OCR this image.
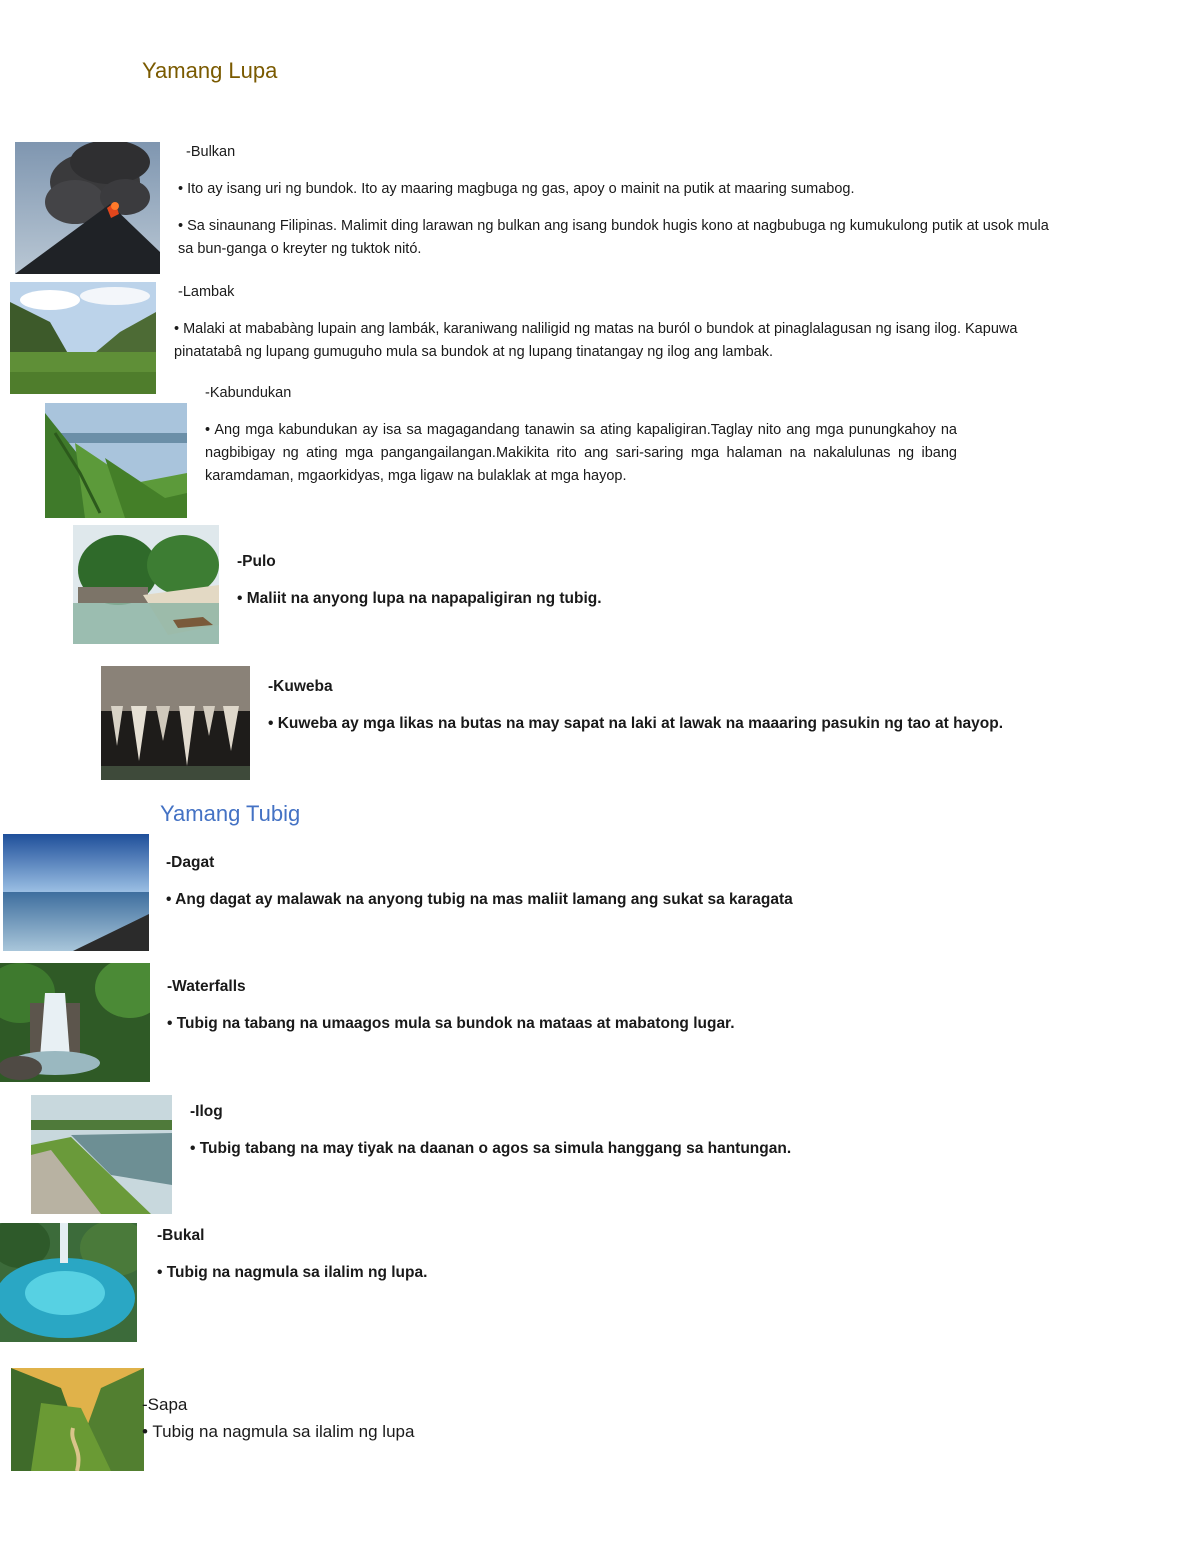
Yamang Lupa

-Bulkan

• Ito ay isang uri ng bundok. Ito ay maaring magbuga ng gas, apoy o mainit na putik at maaring sumabog.

• Sa sinaunang Filipinas. Malimit ding larawan ng bulkan ang isang bundok hugis kono at nagbubuga ng kumukulong putik at usok mula sa bun-ganga o kreyter ng tuktok nitó.

-Lambak

• Malaki at mababàng lupain ang lambák, karaniwang naliligid ng matas na buról o bundok at pinaglalagusan ng isang ilog. Kapuwa pinatatabâ ng lupang gumuguho mula sa bundok at ng lupang tinatangay ng ilog ang lambak.

-Kabundukan

• Ang mga kabundukan ay isa sa magagandang tanawin sa ating kapaligiran.Taglay nito ang mga punungkahoy na nagbibigay ng ating mga pangangailangan.Makikita rito ang sari-saring mga halaman na nakalulunas ng ibang karamdaman, mgaorkidyas, mga ligaw na bulaklak at mga hayop.

-Pulo

• Maliit na anyong lupa na napapaligiran ng tubig.

-Kuweba

• Kuweba ay mga likas na butas na may sapat na laki at lawak na maaaring pasukin ng tao at hayop.

Yamang Tubig

-Dagat

• Ang dagat ay malawak na anyong tubig na mas maliit lamang ang sukat sa karagata

-Waterfalls

• Tubig na tabang na umaagos mula sa bundok na mataas at mabatong lugar.

-Ilog

• Tubig tabang na may tiyak na daanan o agos sa simula hanggang sa hantungan.

-Bukal

• Tubig na nagmula sa ilalim ng lupa.

-Sapa

• Tubig na nagmula sa ilalim ng lupa
